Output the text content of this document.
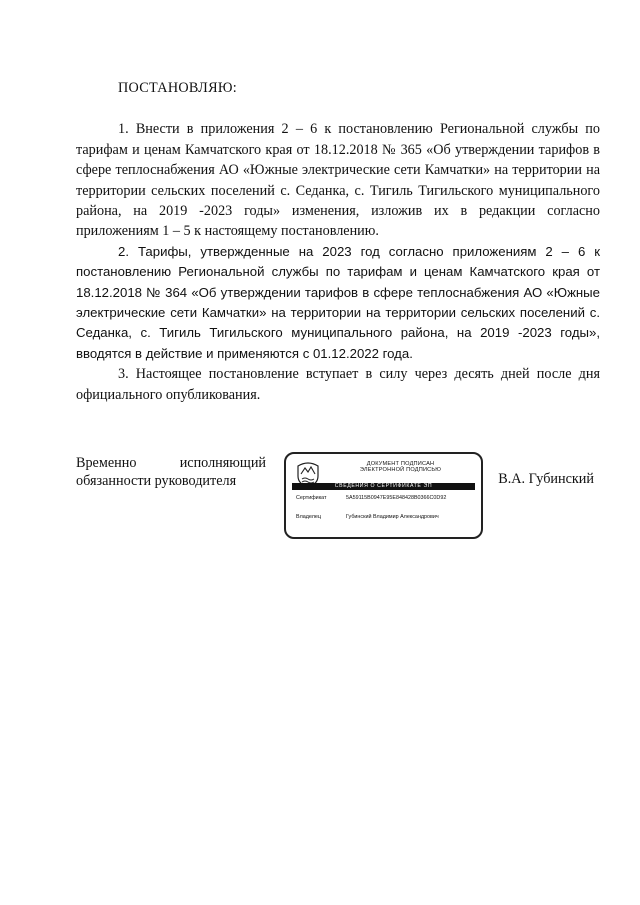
ПОСТАНОВЛЯЮ:

1. Внести в приложения 2 – 6 к постановлению Региональной службы по тарифам и ценам Камчатского края от 18.12.2018 № 365 «Об утверждении тарифов в сфере теплоснабжения АО «Южные электрические сети Камчатки» на территории на территории сельских поселений с. Седанка, с. Тигиль Тигильского муниципального района, на 2019 -2023 годы» изменения, изложив их в редакции согласно приложениям 1 – 5 к настоящему постановлению.

2. Тарифы, утвержденные на 2023 год согласно приложениям 2 – 6 к постановлению Региональной службы по тарифам и ценам Камчатского края от 18.12.2018 № 364 «Об утверждении тарифов в сфере теплоснабжения АО «Южные электрические сети Камчатки» на территории на территории сельских поселений с. Седанка, с. Тигиль Тигильского муниципального района, на 2019 -2023 годы», вводятся в действие и применяются с 01.12.2022 года.

3. Настоящее постановление вступает в силу через десять дней после дня официального опубликования.

Временно	исполняющий
обязанности руководителя
ДОКУМЕНТ ПОДПИСАН
ЭЛЕКТРОННОЙ ПОДПИСЬЮ
СВЕДЕНИЯ О СЕРТИФИКАТЕ ЭП
Сертификат	5A59115B0947E95E848428B0366C0D92
Владелец	Губинский Владимир Александрович
В.А. Губинский
